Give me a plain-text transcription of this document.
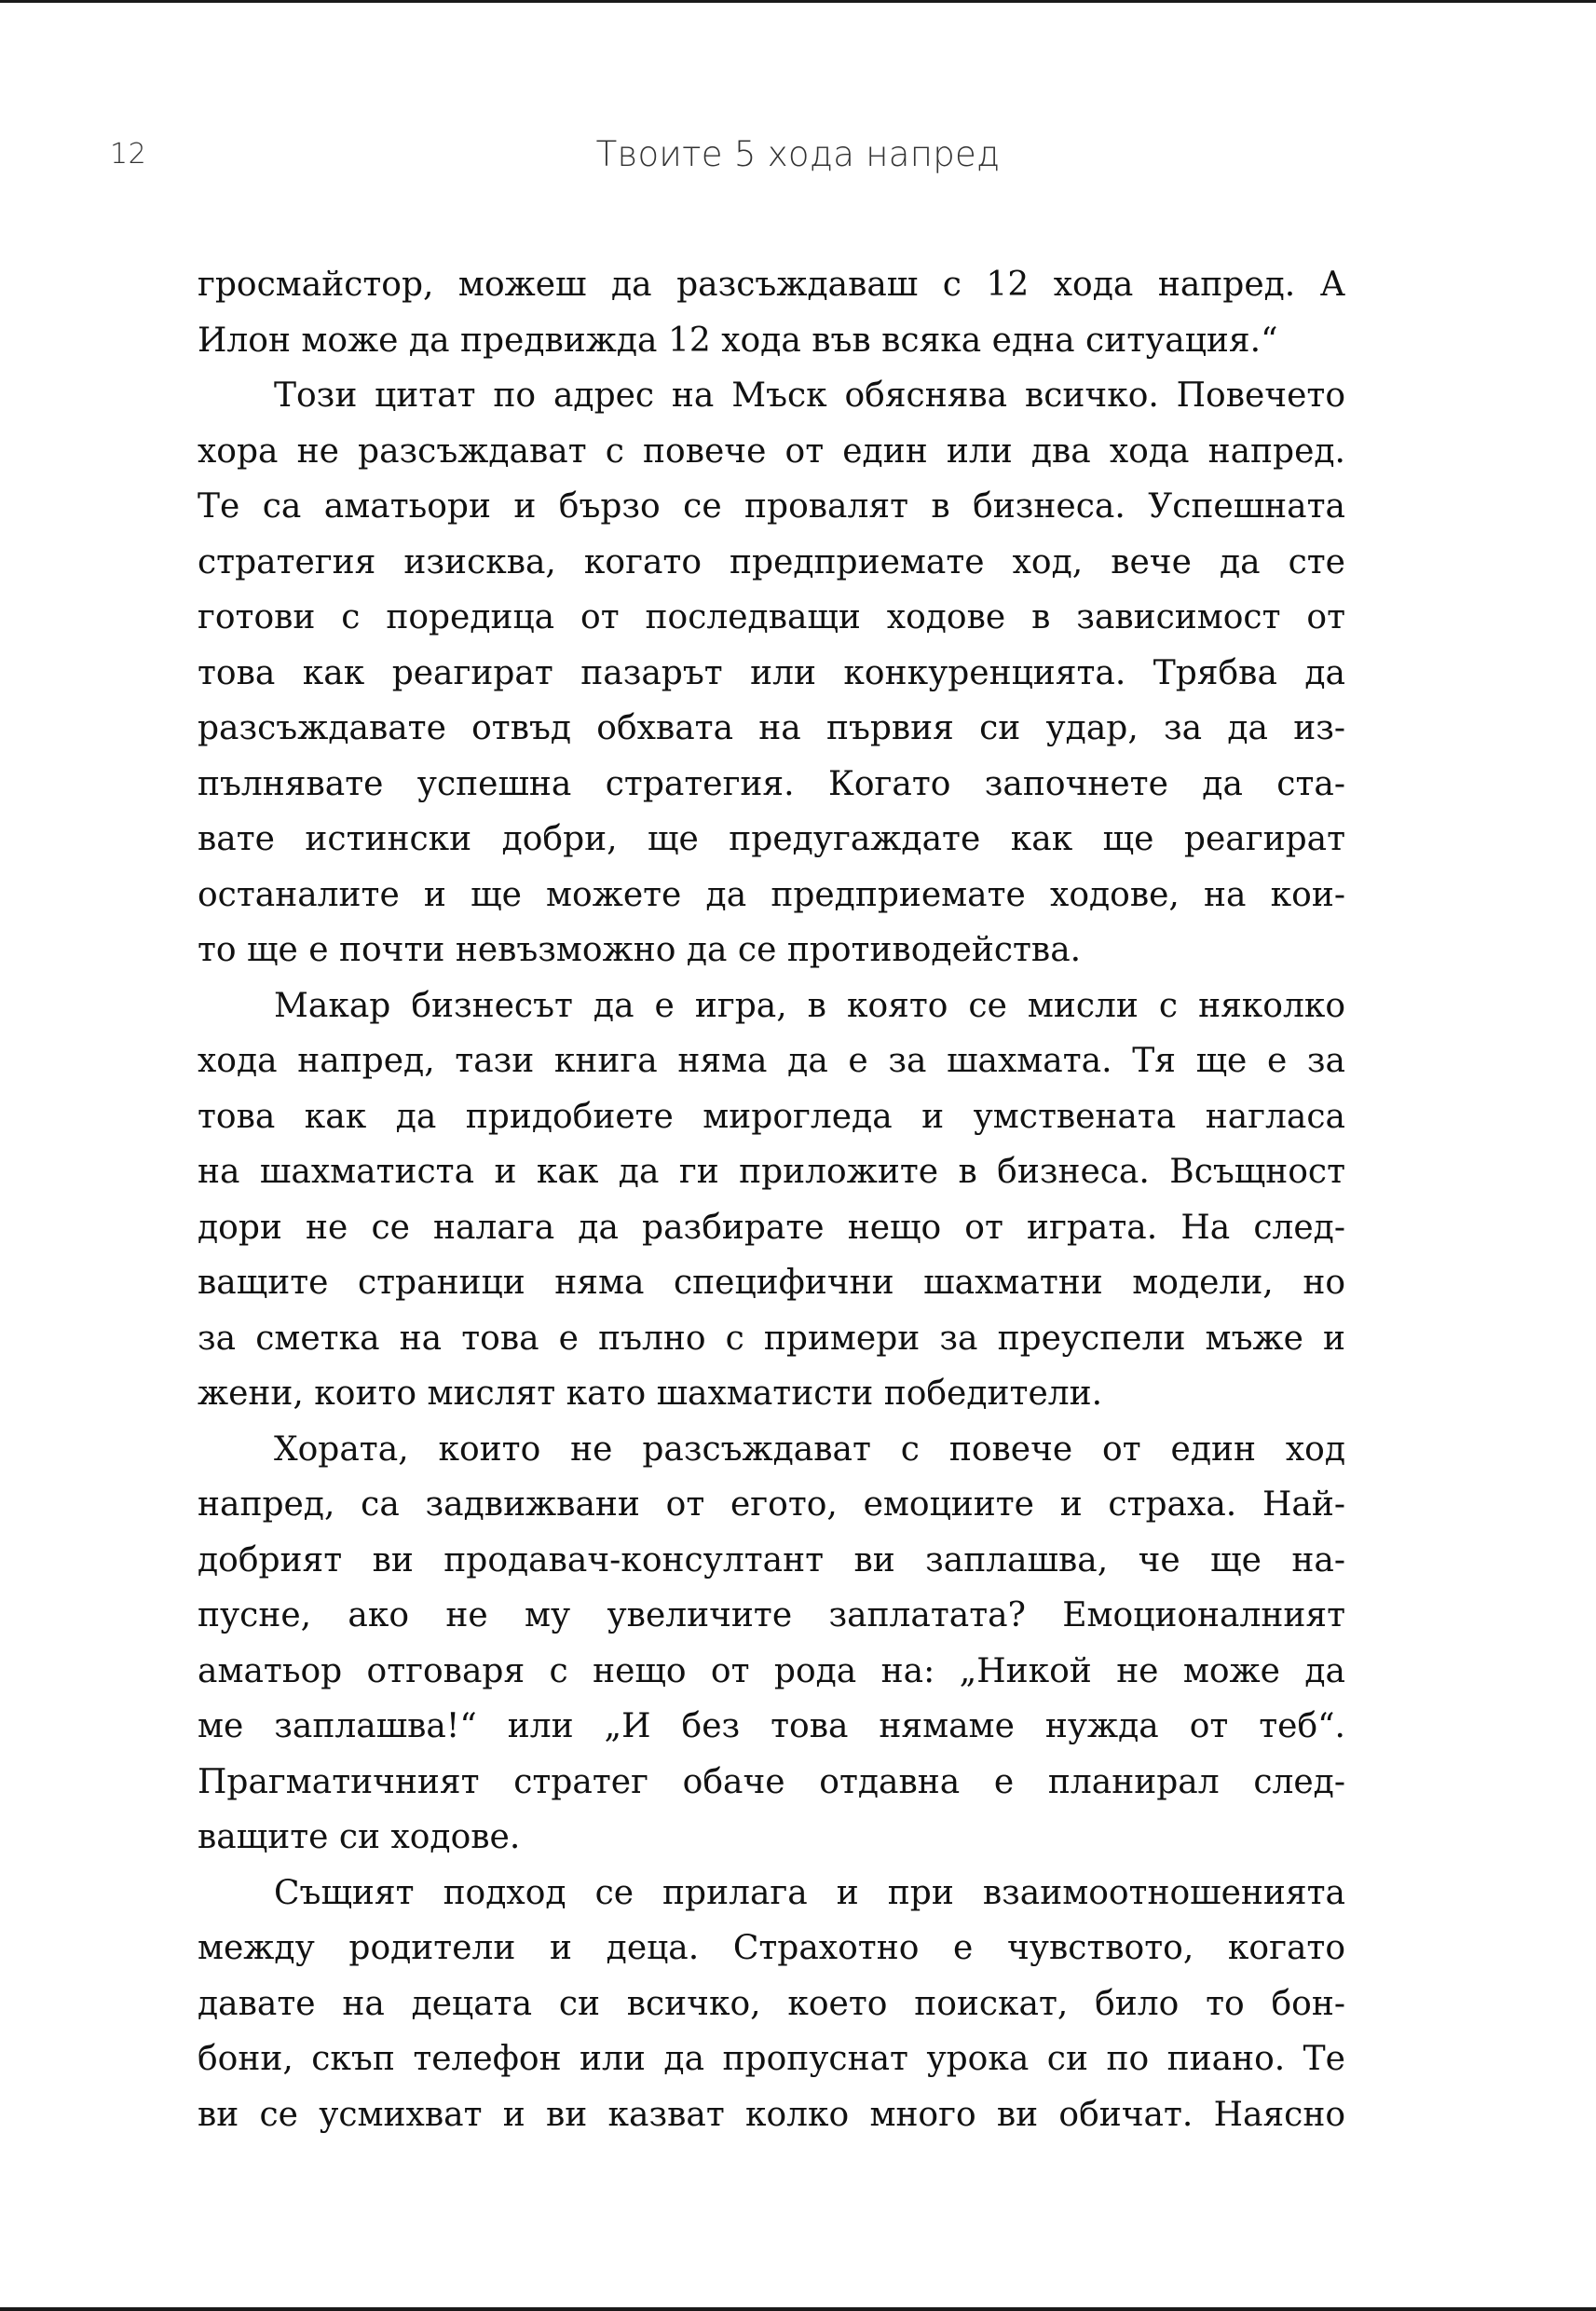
12	Твоите 5 хода напред
гросмайстор, можеш да разсъждаваш с 12 хода напред. А
Илон може да предвижда 12 хода във всяка една ситуация.“
Този цитат по адрес на Мъск обяснява всичко. Повечето
хора не разсъждават с повече от един или два хода напред.
Те са аматьори и бързо се провалят в бизнеса. Успешната
стратегия изисква, когато предприемате ход, вече да сте
готови с поредица от последващи ходове в зависимост от
това как реагират пазарът или конкуренцията. Трябва да
разсъждавате отвъд обхвата на първия си удар, за да из-
пълнявате успешна стратегия. Когато започнете да ста-
вате истински добри, ще предугаждате как ще реагират
останалите и ще можете да предприемате ходове, на кои-
то ще е почти невъзможно да се противодейства.
Макар бизнесът да е игра, в която се мисли с няколко
хода напред, тази книга няма да е за шахмата. Тя ще е за
това как да придобиете мирогледа и умствената нагласа
на шахматиста и как да ги приложите в бизнеса. Всъщност
дори не се налага да разбирате нещо от играта. На след-
ващите страници няма специфични шахматни модели, но
за сметка на това е пълно с примери за преуспели мъже и
жени, които мислят като шахматисти победители.
Хората, които не разсъждават с повече от един ход
напред, са задвижвани от егото, емоциите и страха. Най-
добрият ви продавач-консултант ви заплашва, че ще на-
пусне, ако не му увеличите заплатата? Емоционалният
аматьор отговаря с нещо от рода на: „Никой не може да
ме заплашва!“ или „И без това нямаме нужда от теб“.
Прагматичният стратег обаче отдавна е планирал след-
ващите си ходове.
Същият подход се прилага и при взаимоотношенията
между родители и деца. Страхотно е чувството, когато
давате на децата си всичко, което поискат, било то бон-
бони, скъп телефон или да пропуснат урока си по пиано. Те
ви се усмихват и ви казват колко много ви обичат. Наясно
